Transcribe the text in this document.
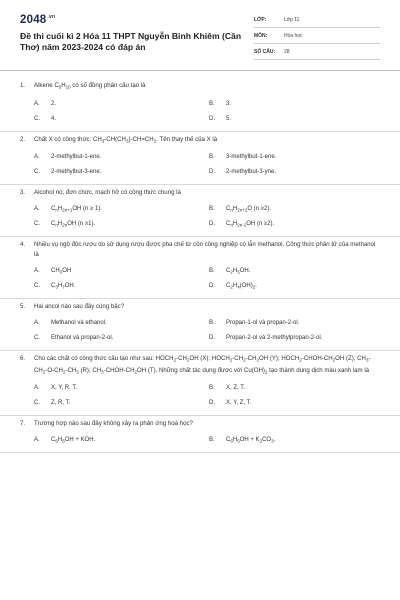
$2048^{.vn}$
Đề thi cuối kì 2 Hóa 11 THPT Nguyễn Bỉnh Khiêm (Cần Thơ) năm 2023-2024 có đáp án
LỚP:	Lớp 11
MÔN:	Hóa học
SỐ CÂU:	28
1.	Alkene $C_5H_{10}$ có số đồng phân cấu tạo là
A.	2.	B.	3.
C.	4.	D.	5.
2.	Chất X có công thức: $CH_3-CH(CH_3)-CH=CH_2$. Tên thay thế của X là
A.	2-methylbut-1-ene.	B.	3-methylbut-1-ene.
C.	2-methylbut-3-ene.	D.	2-methylbut-3-yne.
3.	Alcohol no, đơn chức, mạch hở có công thức chung là
A.	$C_nH_{2n+1}OH$ (n ≥ 1).	B.	$C_nH_{2n+2}O$ (n ≥2).
C.	$C_nH_{2n}OH$ (n ≥1).	D.	$C_nH_{2n-1}OH$ (n ≥2).
4.	Nhiều vụ ngộ độc rượu do sử dụng rượu được pha chế từ cồn công nghiệp có lẫn methanol. Công thức phân tử của methanol là
A.	$CH_3OH$	B.	$C_2H_5OH$.
C.	$C_3H_7OH$.	D.	$C_2H_4(OH)_2$.
5.	Hai ancol nào sau đây cùng bậc?
A.	Methanol và ethanol.	B.	Propan-1-ol và propan-2-ol.
C.	Ethanol và propan-2-ol.	D.	Propan-2-ol và 2-methylpropan-2-ol.
6.	Cho các chất có công thức cấu tạo như sau: $HOCH_2-CH_2OH$ (X); $HOCH_2-CH_2-CH_2OH$ (Y); $HOCH_2-CHOH-CH_2OH$ (Z); $CH_3-CH_2-O-CH_2-CH_3$ (R); $CH_3-CHOH-CH_2OH$ (T). Những chất tác dụng được với $Cu(OH)_2$ tạo thành dung dịch màu xanh lam là
A.	X, Y, R, T.	B.	X, Z, T.
C.	Z, R, T.	D.	X, Y, Z, T.
7.	Trường hợp nào sau đây không xảy ra phản ứng hoá học?
A.	$C_6H_5OH$ + KOH.	B.	$C_6H_5OH + K_2CO_3$.
